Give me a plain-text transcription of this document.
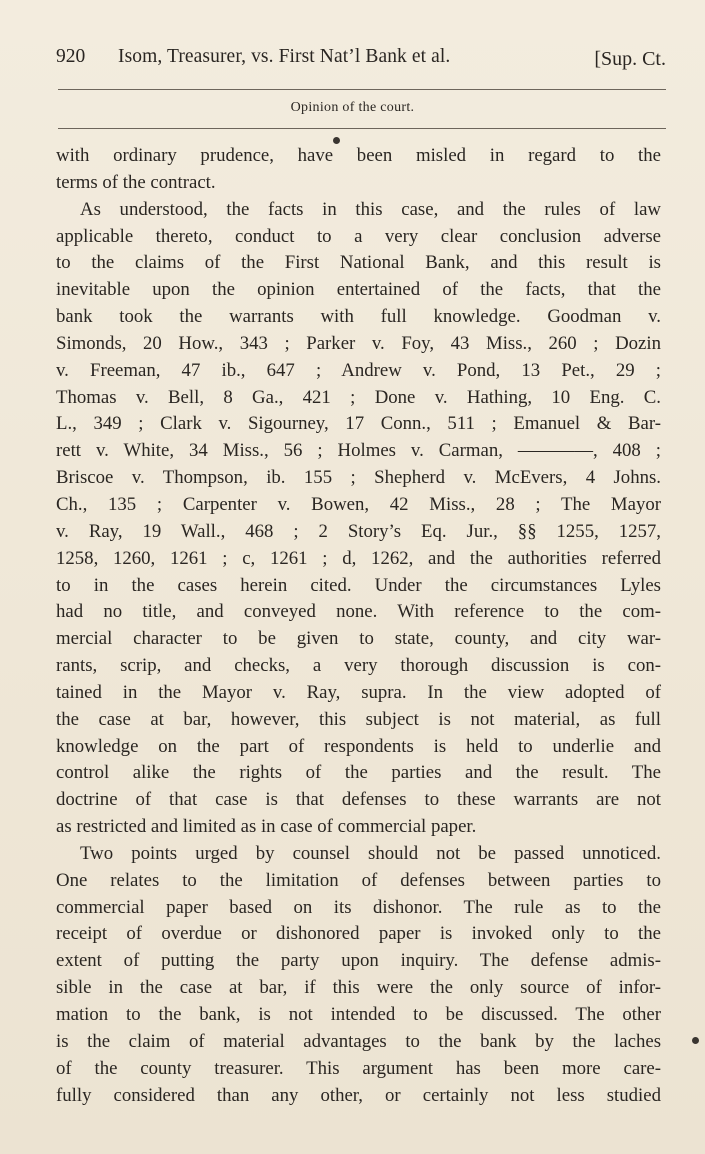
920 Isom, Treasurer, vs. First Nat’l Bank et al.	[Sup. Ct.
Opinion of the court.
with ordinary prudence, have been misled in regard to the
terms of the contract.
As understood, the facts in this case, and the rules of law
applicable thereto, conduct to a very clear conclusion adverse
to the claims of the First National Bank, and this result is
inevitable upon the opinion entertained of the facts, that the
bank took the warrants with full knowledge. Goodman v.
Simonds, 20 How., 343 ; Parker v. Foy, 43 Miss., 260 ; Dozin
v. Freeman, 47 ib., 647 ; Andrew v. Pond, 13 Pet., 29 ;
Thomas v. Bell, 8 Ga., 421 ; Done v. Hathing, 10 Eng. C.
L., 349 ; Clark v. Sigourney, 17 Conn., 511 ; Emanuel & Bar-
rett v. White, 34 Miss., 56 ; Holmes v. Carman, ————, 408 ;
Briscoe v. Thompson, ib. 155 ; Shepherd v. McEvers, 4 Johns.
Ch., 135 ; Carpenter v. Bowen, 42 Miss., 28 ; The Mayor
v. Ray, 19 Wall., 468 ; 2 Story’s Eq. Jur., §§ 1255, 1257,
1258, 1260, 1261 ; c, 1261 ; d, 1262, and the authorities referred
to in the cases herein cited. Under the circumstances Lyles
had no title, and conveyed none. With reference to the com-
mercial character to be given to state, county, and city war-
rants, scrip, and checks, a very thorough discussion is con-
tained in the Mayor v. Ray, supra. In the view adopted of
the case at bar, however, this subject is not material, as full
knowledge on the part of respondents is held to underlie and
control alike the rights of the parties and the result. The
doctrine of that case is that defenses to these warrants are not
as restricted and limited as in case of commercial paper.
Two points urged by counsel should not be passed unnoticed.
One relates to the limitation of defenses between parties to
commercial paper based on its dishonor. The rule as to the
receipt of overdue or dishonored paper is invoked only to the
extent of putting the party upon inquiry. The defense admis-
sible in the case at bar, if this were the only source of infor-
mation to the bank, is not intended to be discussed. The other
is the claim of material advantages to the bank by the laches
of the county treasurer. This argument has been more care-
fully considered than any other, or certainly not less studied
